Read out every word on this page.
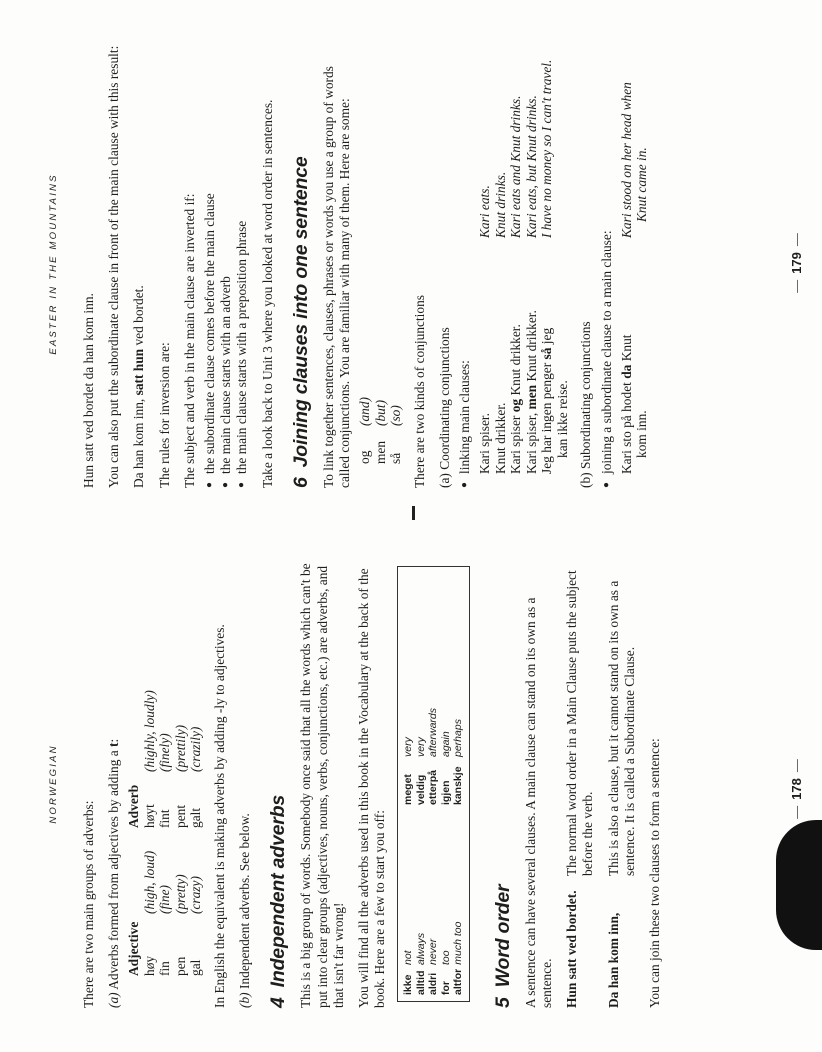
NORWEGIAN

There are two main groups of adverbs: (a) Adverbs formed from adjectives by adding a t:

Adjective
Adverb
høy
(high, loud)
høyt
(highly, loudly)
fin
(fine)
fint
(finely)
pen
(pretty)
pent
(prettily)
gal
(crazy)
galt
(crazily) In English the equivalent is making adverbs by adding -ly to adjectives. (b) Independent adverbs. See below.

4Independent adverbs This is a big group of words. Somebody once said that all the words which can't be put into clear groups (adjectives, nouns, verbs, conjunctions, etc.) are adverbs, and that isn't far wrong! You will find all the adverbs used in this book in the Vocabulary at the back of the book. Here are a few to start you off: ikkenot
alltidalways
aldrinever
fortoo
altformuch too
megetvery
veldigvery
etterpåafterwards
igjenagain
kanskjeperhaps
5Word order A sentence can have several clauses. A main clause can stand on its own as a sentence. Hun satt ved bordet.
The normal word order in a Main Clause puts the subject before the verb.
Da han kom inn,
This is also a clause, but it cannot stand on its own as a sentence. It is called a Subordinate Clause. You can join these two clauses to form a sentence:	—178—
EASTER IN THE MOUNTAINS

Hun satt ved bordet da han kom inn. You can also put the subordinate clause in front of the main clause with this result: Da han kom inn, satt hun ved bordet.

The rules for inversion are: The subject and verb in the main clause are inverted if: ● the subordinate clause comes before the main clause ● the main clause starts with an adverb ● the main clause starts with a preposition phrase Take a look back to Unit 3 where you looked at word order in sentences. 6Joining clauses into one sentence To link together sentences, clauses, phrases or words you use a group of words called conjunctions. You are familiar with many of them. Here are some: og
(and)
men
(but)
så
(so) There are two kinds of conjunctions (a) Coordinating conjunctions ● linking main clauses: Kari spiser.
Kari eats.
Knut drikker.
Knut drinks.
Kari spiser og Knut drikker.
Kari eats and Knut drinks.
Kari spiser, men Knut drikker.
Kari eats, but Knut drinks.
Jeg har ingen penger så jeg
I have no money so I can't travel.
kan ikke reise. (b) Subordinating conjunctions ● joining a subordinate clause to a main clause: Kari sto på hodet da Knut
Kari stood on her head when
kom inn.
Knut came in.
—179—
